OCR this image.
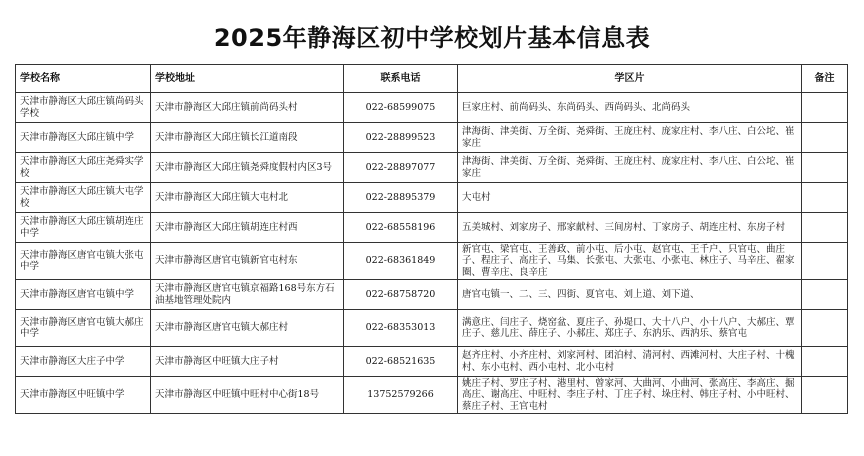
2025年静海区初中学校划片基本信息表
学校名称	学校地址	联系电话	学区片	备注
天津市静海区大邱庄镇尚码头学校	天津市静海区大邱庄镇前尚码头村	022-68599075	巨家庄村、前尚码头、东尚码头、西尚码头、北尚码头	
天津市静海区大邱庄镇中学	天津市静海区大邱庄镇长江道南段	022-28899523	津海街、津美街、万全街、尧舜街、王庞庄村、庞家庄村、李八庄、白公坨、崔家庄	
天津市静海区大邱庄尧舜实学校	天津市静海区大邱庄镇尧舜度假村内区3号	022-28897077	津海街、津美街、万全街、尧舜街、王庞庄村、庞家庄村、李八庄、白公坨、崔家庄	
天津市静海区大邱庄镇大屯学校	天津市静海区大邱庄镇大屯村北	022-28895379	大屯村	
天津市静海区大邱庄镇胡连庄中学	天津市静海区大邱庄镇胡连庄村西	022-68558196	五美城村、刘家房子、邢家献村、三间房村、丁家房子、胡连庄村、东房子村	
天津市静海区唐官屯镇大张屯中学	天津市静海区唐官屯镇新官屯村东	022-68361849	新官屯、梁官屯、王善政、前小屯、后小屯、赵官屯、王千户、只官屯、曲庄子、程庄子、高庄子、马集、长张屯、大张屯、小张屯、林庄子、马辛庄、翟家圈、曹辛庄、良辛庄	
天津市静海区唐官屯镇中学	天津市静海区唐官屯镇京福路168号东方石油基地管理处院内	022-68758720	唐官屯镇一、二、三、四街、夏官屯、刘上道、刘下道、	
天津市静海区唐官屯镇大郝庄中学	天津市静海区唐官屯镇大郝庄村	022-68353013	满意庄、闫庄子、烧窑盆、夏庄子、孙堤口、大十八户、小十八户、大郝庄、覃庄子、慈儿庄、薛庄子、小郝庄、郑庄子、东汭乐、西汭乐、蔡官屯	
天津市静海区大庄子中学	天津市静海区中旺镇大庄子村	022-68521635	赵齐庄村、小齐庄村、刘家河村、团泊村、清河村、西滩河村、大庄子村、十槐村、东小屯村、西小屯村、北小屯村	
天津市静海区中旺镇中学	天津市静海区中旺镇中旺村中心街18号	13752579266	姚庄子村、罗庄子村、港里村、曾家河、大曲河、小曲河、张高庄、李高庄、掘高庄、谢高庄、中旺村、李庄子村、丁庄子村、垛庄村、韩庄子村、小中旺村、蔡庄子村、王官屯村	
